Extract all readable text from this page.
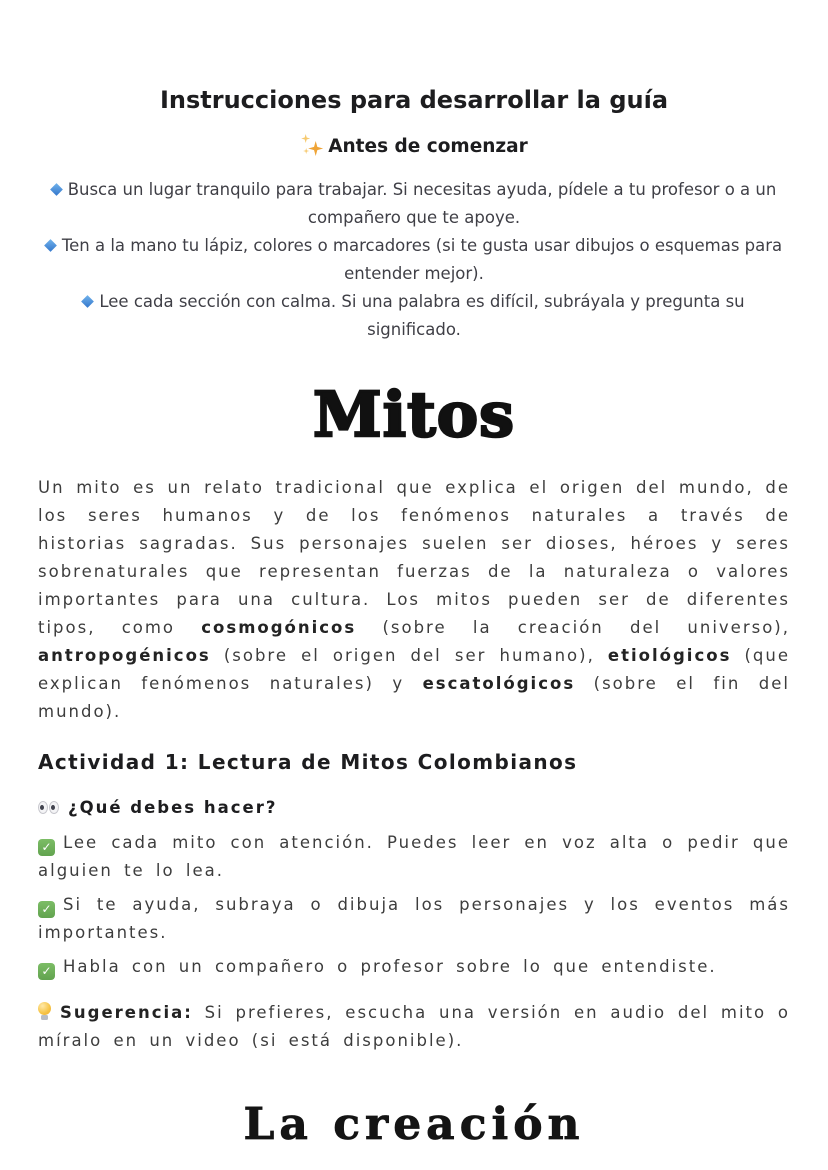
Instrucciones para desarrollar la guía
Antes de comenzar
Busca un lugar tranquilo para trabajar. Si necesitas ayuda, pídele a tu profesor o a un compañero que te apoye.
Ten a la mano tu lápiz, colores o marcadores (si te gusta usar dibujos o esquemas para entender mejor).
Lee cada sección con calma. Si una palabra es difícil, subráyala y pregunta su significado.
Mitos

Un mito es un relato tradicional que explica el origen del mundo, de los seres humanos y de los fenómenos naturales a través de historias sagradas. Sus personajes suelen ser dioses, héroes y seres sobrenaturales que representan fuerzas de la naturaleza o valores importantes para una cultura. Los mitos pueden ser de diferentes tipos, como cosmogónicos (sobre la creación del universo), antropogénicos (sobre el origen del ser humano), etiológicos (que explican fenómenos naturales) y escatológicos (sobre el fin del mundo).

Actividad 1: Lectura de Mitos Colombianos
¿Qué debes hacer?
✓ Lee cada mito con atención. Puedes leer en voz alta o pedir que alguien te lo lea.
✓ Si te ayuda, subraya o dibuja los personajes y los eventos más importantes.
✓ Habla con un compañero o profesor sobre lo que entendiste.
Sugerencia: Si prefieres, escucha una versión en audio del mito o míralo en un video (si está disponible).
La creación
